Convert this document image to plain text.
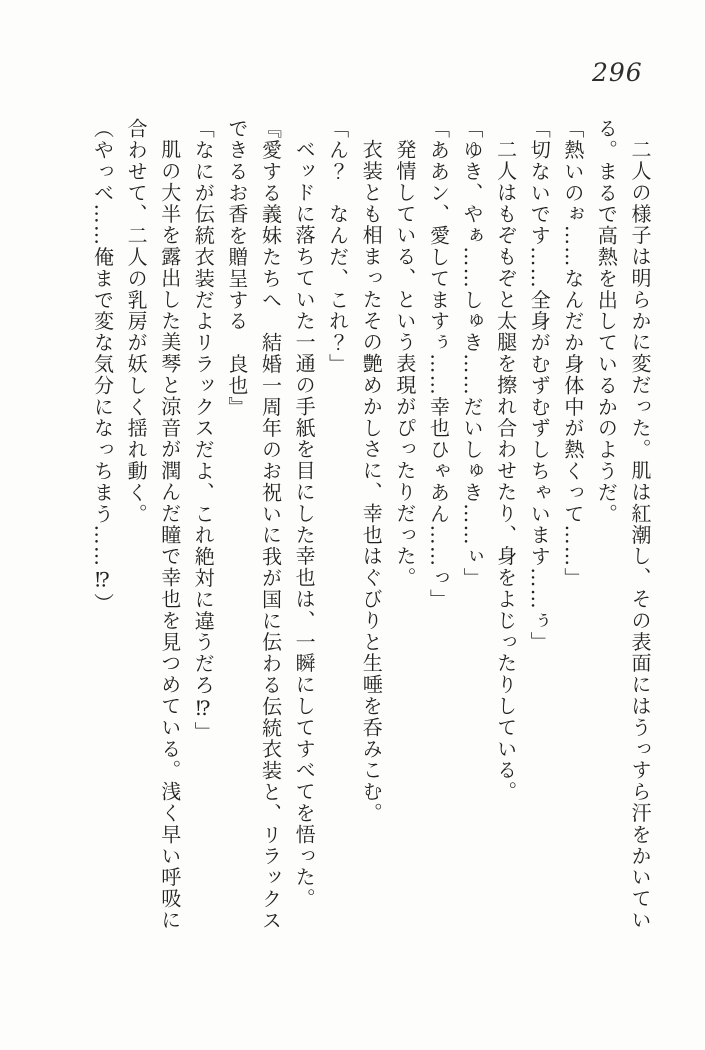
296

二人の様子は明らかに変だった。肌は紅潮し、その表面にはうっすら汗をかいてい

る。まるで高熱を出しているかのようだ。

「熱いのぉ……なんだか身体中が熱くって……」

「切ないです……全身がむずむずしちゃいます……ぅ」

二人はもぞもぞと太腿を擦れ合わせたり、身をよじったりしている。

「ゆき、やぁ……しゅき……だいしゅき……ぃ」

「ああン、愛してますぅ……幸也ひゃあん……っ」

発情している、という表現がぴったりだった。

衣装とも相まったその艶めかしさに、幸也はぐびりと生唾を呑みこむ。

「ん？　なんだ、これ？」

ベッドに落ちていた一通の手紙を目にした幸也は、一瞬にしてすべてを悟った。

『愛する義妹たちへ　結婚一周年のお祝いに我が国に伝わる伝統衣装と、リラックス

できるお香を贈呈する　良也』

「なにが伝統衣装だよリラックスだよ、これ絶対に違うだろ⁉」

肌の大半を露出した美琴と涼音が潤んだ瞳で幸也を見つめている。浅く早い呼吸に

合わせて、二人の乳房が妖しく揺れ動く。

（やっべ……俺まで変な気分になっちまう……⁉）
